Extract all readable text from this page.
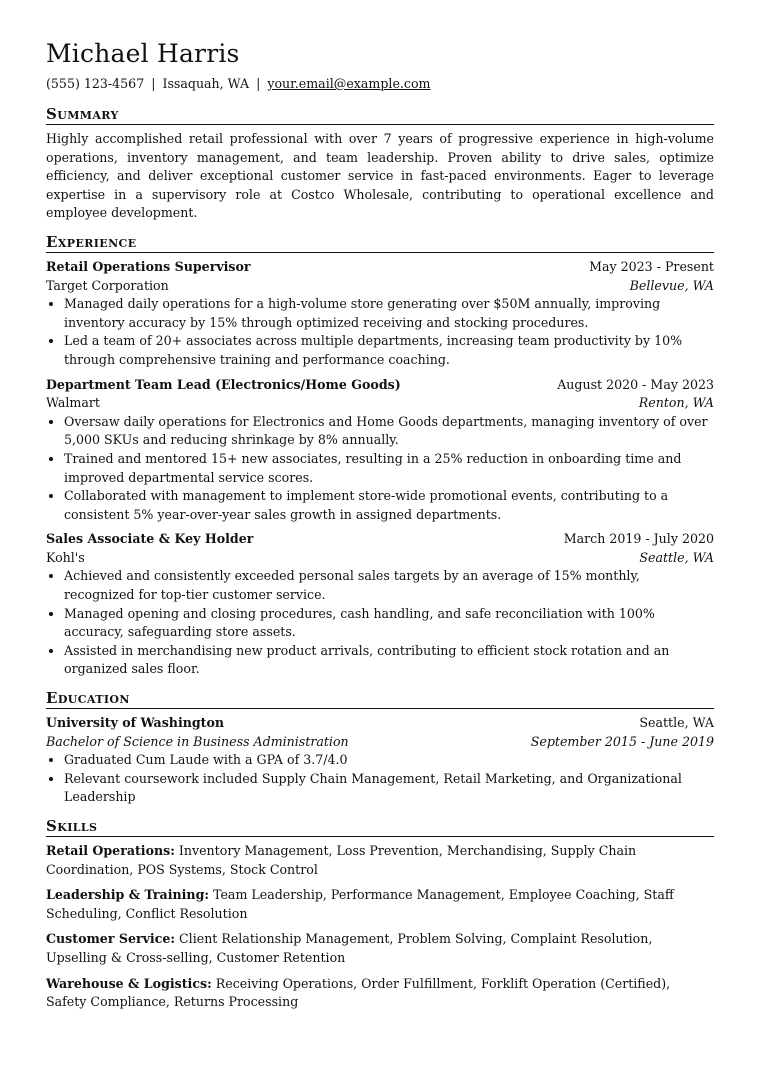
Michael Harris
(555) 123-4567 | Issaquah, WA | your.email@example.com
Summary
Highly accomplished retail professional with over 7 years of progressive experience in high-volume operations, inventory management, and team leadership. Proven ability to drive sales, optimize efficiency, and deliver exceptional customer service in fast-paced environments. Eager to leverage expertise in a supervisory role at Costco Wholesale, contributing to operational excellence and employee development.
Experience
Retail Operations Supervisor	May 2023 - Present
Target Corporation	Bellevue, WA
• Managed daily operations for a high-volume store generating over $50M annually, improving inventory accuracy by 15% through optimized receiving and stocking procedures.
• Led a team of 20+ associates across multiple departments, increasing team productivity by 10% through comprehensive training and performance coaching.
Department Team Lead (Electronics/Home Goods)	August 2020 - May 2023
Walmart	Renton, WA
• Oversaw daily operations for Electronics and Home Goods departments, managing inventory of over 5,000 SKUs and reducing shrinkage by 8% annually.
• Trained and mentored 15+ new associates, resulting in a 25% reduction in onboarding time and improved departmental service scores.
• Collaborated with management to implement store-wide promotional events, contributing to a consistent 5% year-over-year sales growth in assigned departments.
Sales Associate & Key Holder	March 2019 - July 2020
Kohl's	Seattle, WA
• Achieved and consistently exceeded personal sales targets by an average of 15% monthly, recognized for top-tier customer service.
• Managed opening and closing procedures, cash handling, and safe reconciliation with 100% accuracy, safeguarding store assets.
• Assisted in merchandising new product arrivals, contributing to efficient stock rotation and an organized sales floor.
Education
University of Washington	Seattle, WA
Bachelor of Science in Business Administration	September 2015 - June 2019
• Graduated Cum Laude with a GPA of 3.7/4.0
• Relevant coursework included Supply Chain Management, Retail Marketing, and Organizational Leadership
Skills
Retail Operations: Inventory Management, Loss Prevention, Merchandising, Supply Chain Coordination, POS Systems, Stock Control
Leadership & Training: Team Leadership, Performance Management, Employee Coaching, Staff Scheduling, Conflict Resolution
Customer Service: Client Relationship Management, Problem Solving, Complaint Resolution, Upselling & Cross-selling, Customer Retention
Warehouse & Logistics: Receiving Operations, Order Fulfillment, Forklift Operation (Certified), Safety Compliance, Returns Processing
